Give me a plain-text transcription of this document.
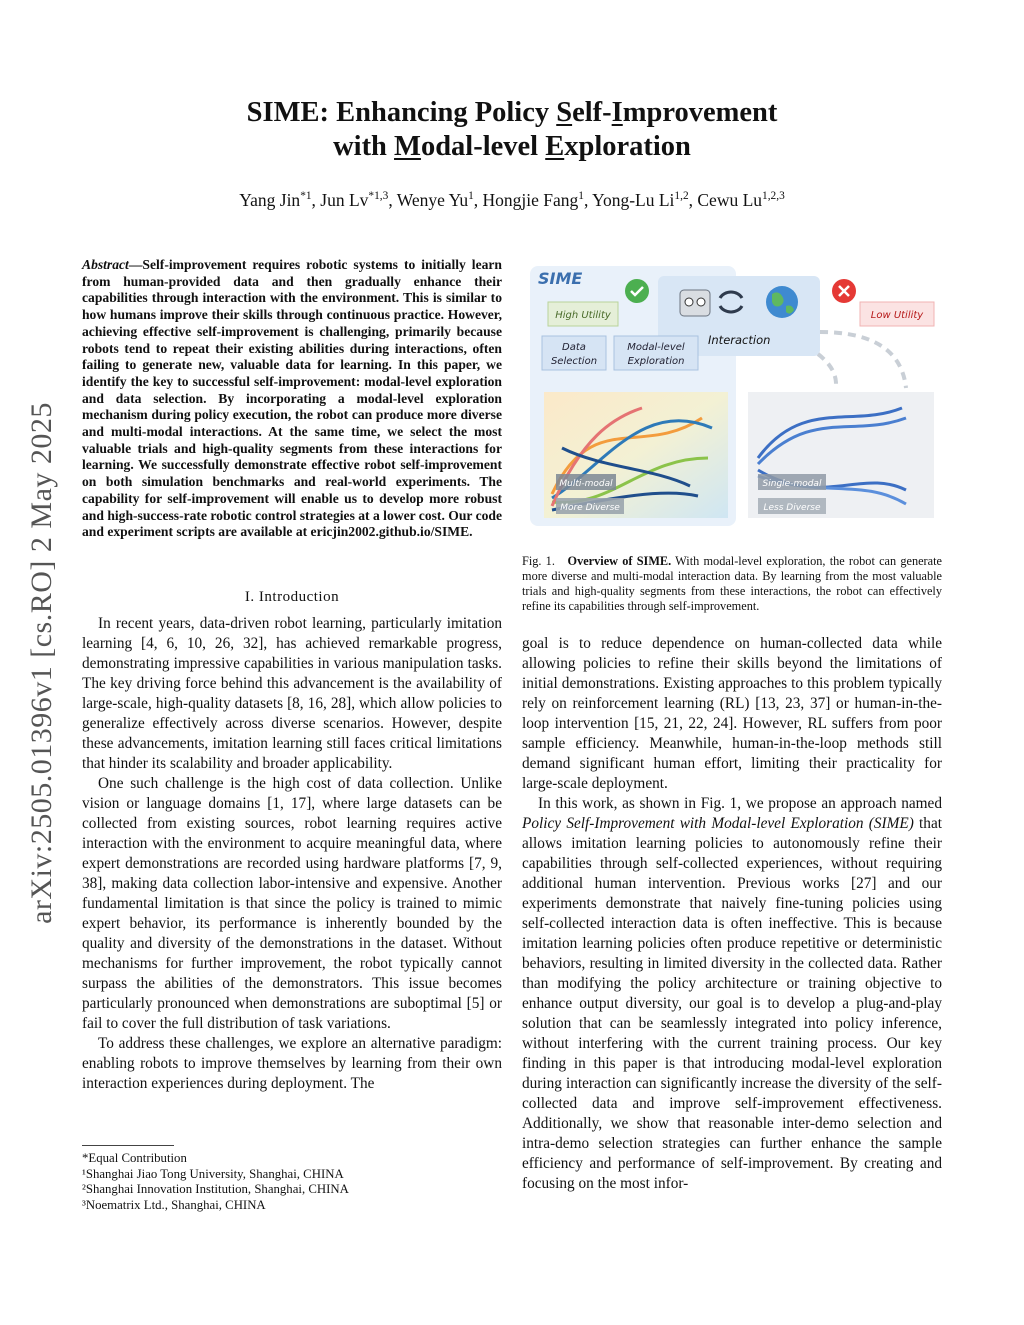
arXiv:2505.01396v1 [cs.RO] 2 May 2025
SIME: Enhancing Policy Self-Improvement
with Modal-level Exploration
Yang Jin$^{*1}$, Jun Lv$^{*1,3}$, Wenye Yu$^1$, Hongjie Fang$^1$, Yong-Lu Li$^{1,2}$, Cewu Lu$^{1,2,3}$
Abstract—Self-improvement requires robotic systems to initially learn from human-provided data and then gradually enhance their capabilities through interaction with the environment. This is similar to how humans improve their skills through continuous practice. However, achieving effective self-improvement is challenging, primarily because robots tend to repeat their existing abilities during interactions, often failing to generate new, valuable data for learning. In this paper, we identify the key to successful self-improvement: modal-level exploration and data selection. By incorporating a modal-level exploration mechanism during policy execution, the robot can produce more diverse and multi-modal interactions. At the same time, we select the most valuable trials and high-quality segments from these interactions for learning. We successfully demonstrate effective robot self-improvement on both simulation benchmarks and real-world experiments. The capability for self-improvement will enable us to develop more robust and high-success-rate robotic control strategies at a lower cost. Our code and experiment scripts are available at ericjin2002.github.io/SIME.
I. Introduction

In recent years, data-driven robot learning, particularly imitation learning [4, 6, 10, 26, 32], has achieved remarkable progress, demonstrating impressive capabilities in various manipulation tasks. The key driving force behind this advancement is the availability of large-scale, high-quality datasets [8, 16, 28], which allow policies to generalize effectively across diverse scenarios. However, despite these advancements, imitation learning still faces critical limitations that hinder its scalability and broader applicability.

One such challenge is the high cost of data collection. Unlike vision or language domains [1, 17], where large datasets can be collected from existing sources, robot learning requires active interaction with the environment to acquire meaningful data, where expert demonstrations are recorded using hardware platforms [7, 9, 38], making data collection labor-intensive and expensive. Another fundamental limitation is that since the policy is trained to mimic expert behavior, its performance is inherently bounded by the quality and diversity of the demonstrations in the dataset. Without mechanisms for further improvement, the robot typically cannot surpass the abilities of the demonstrators. This issue becomes particularly pronounced when demonstrations are suboptimal [5] or fail to cover the full distribution of task variations.

To address these challenges, we explore an alternative paradigm: enabling robots to improve themselves by learning from their own interaction experiences during deployment. The

*Equal Contribution
¹Shanghai Jiao Tong University, Shanghai, CHINA
²Shanghai Innovation Institution, Shanghai, CHINA
³Noematrix Ltd., Shanghai, CHINA
SIME
High Utility
Data
Selection
Modal-level
Exploration
Interaction
Low Utility
Multi-modal
More Diverse
Single-modal
Less Diverse
Fig. 1. Overview of SIME. With modal-level exploration, the robot can generate more diverse and multi-modal interaction data. By learning from the most valuable trials and high-quality segments from these interactions, the robot can effectively refine its capabilities through self-improvement.

goal is to reduce dependence on human-collected data while allowing policies to refine their skills beyond the limitations of initial demonstrations. Existing approaches to this problem typically rely on reinforcement learning (RL) [13, 23, 37] or human-in-the-loop intervention [15, 21, 22, 24]. However, RL suffers from poor sample efficiency. Meanwhile, human-in-the-loop methods still demand significant human effort, limiting their practicality for large-scale deployment.

In this work, as shown in Fig. 1, we propose an approach named Policy Self-Improvement with Modal-level Exploration (SIME) that allows imitation learning policies to autonomously refine their capabilities through self-collected experiences, without requiring additional human intervention. Previous works [27] and our experiments demonstrate that naively fine-tuning policies using self-collected interaction data is often ineffective. This is because imitation learning policies often produce repetitive or deterministic behaviors, resulting in limited diversity in the collected data. Rather than modifying the policy architecture or training objective to enhance output diversity, our goal is to develop a plug-and-play solution that can be seamlessly integrated into policy inference, without interfering with the current training process. Our key finding in this paper is that introducing modal-level exploration during interaction can significantly increase the diversity of the self-collected data and improve self-improvement effectiveness. Additionally, we show that reasonable inter-demo selection and intra-demo selection strategies can further enhance the sample efficiency and performance of self-improvement. By creating and focusing on the most infor-
